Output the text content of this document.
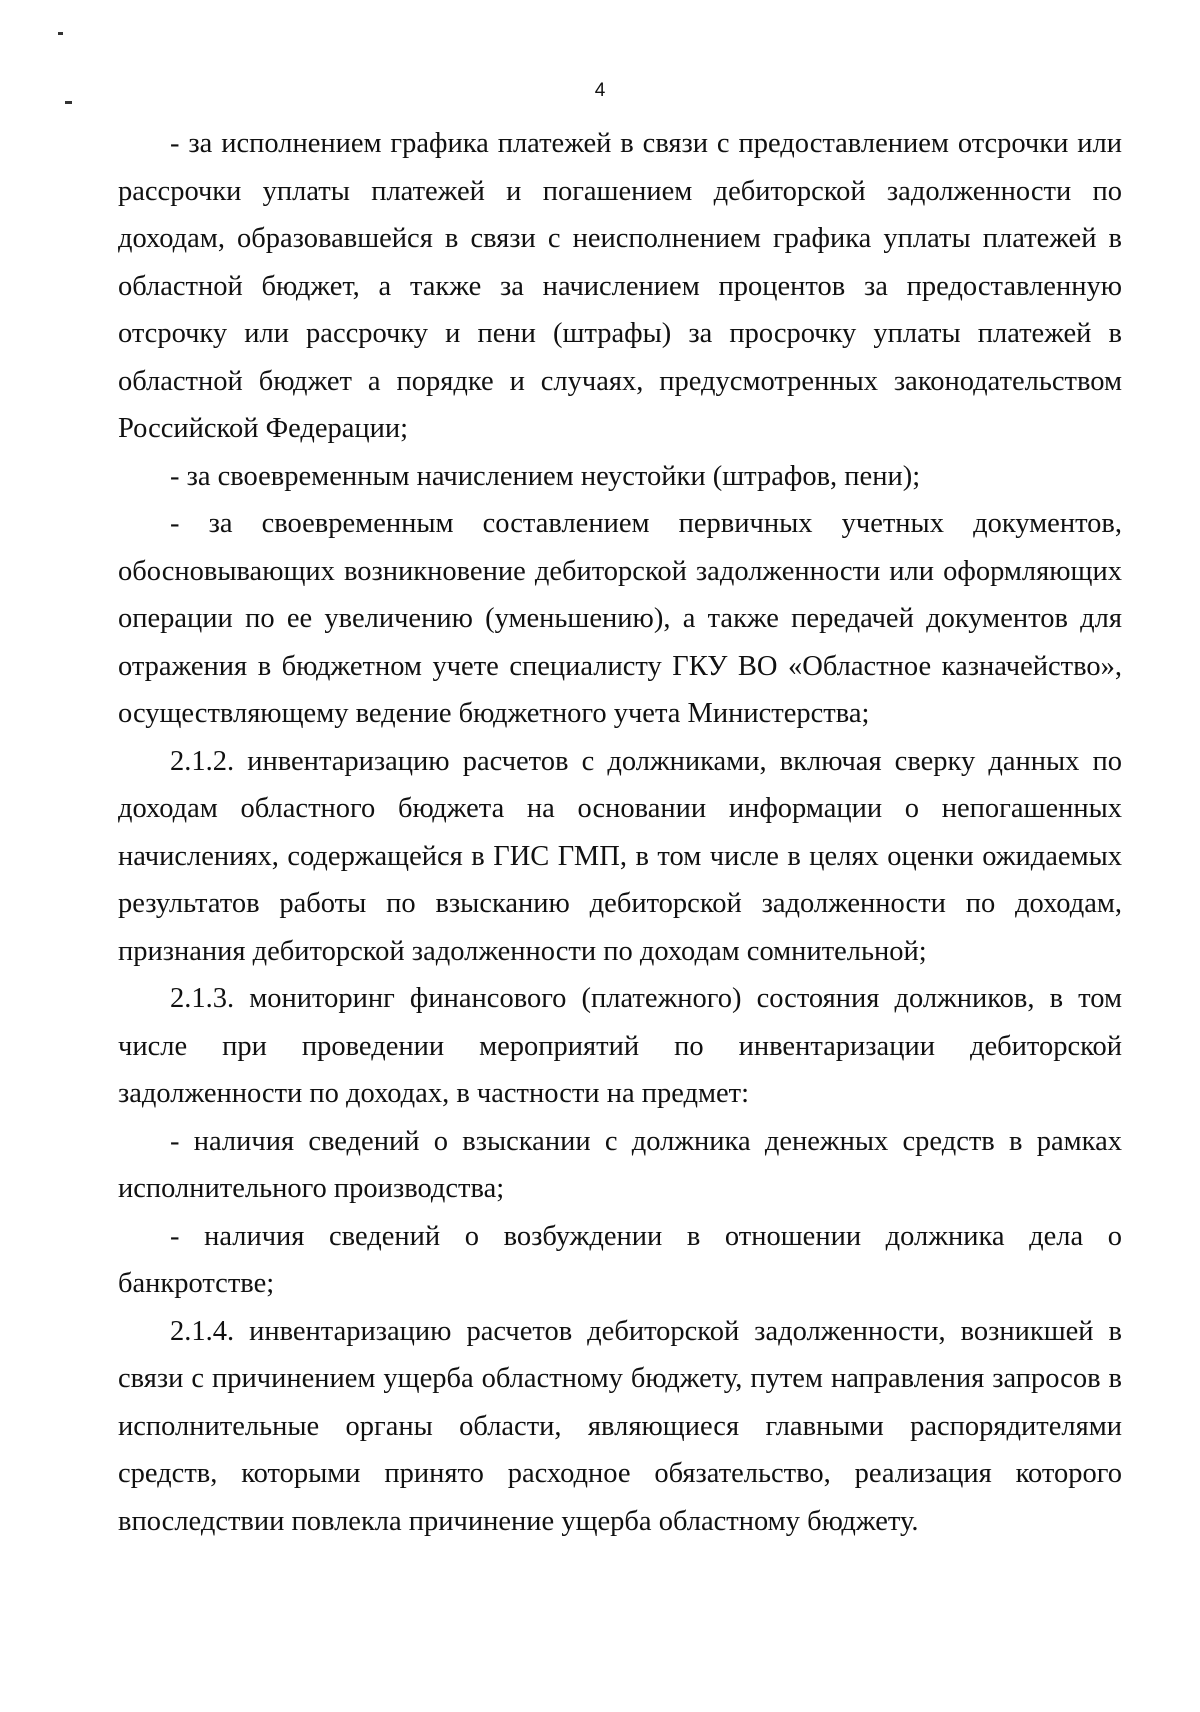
4

- за исполнением графика платежей в связи с предоставлением отсрочки или рассрочки уплаты платежей и погашением дебиторской задолженности по доходам, образовавшейся в связи с неисполнением графика уплаты платежей в областной бюджет, а также за начислением процентов за предоставленную отсрочку или рассрочку и пени (штрафы) за просрочку уплаты платежей в областной бюджет а порядке и случаях, предусмотренных законодательством Российской Федерации;

- за своевременным начислением неустойки (штрафов, пени);

- за своевременным составлением первичных учетных документов, обосновывающих возникновение дебиторской задолженности или оформляющих операции по ее увеличению (уменьшению), а также передачей документов для отражения в бюджетном учете специалисту ГКУ ВО «Областное казначейство», осуществляющему ведение бюджетного учета Министерства;

2.1.2. инвентаризацию расчетов с должниками, включая сверку данных по доходам областного бюджета на основании информации о непогашенных начислениях, содержащейся в ГИС ГМП, в том числе в целях оценки ожидаемых результатов работы по взысканию дебиторской задолженности по доходам, признания дебиторской задолженности по доходам сомнительной;

2.1.3. мониторинг финансового (платежного) состояния должников, в том числе при проведении мероприятий по инвентаризации дебиторской задолженности по доходах, в частности на предмет:

- наличия сведений о взыскании с должника денежных средств в рамках исполнительного производства;

- наличия сведений о возбуждении в отношении должника дела о банкротстве;

2.1.4. инвентаризацию расчетов дебиторской задолженности, возникшей в связи с причинением ущерба областному бюджету, путем направления запросов в исполнительные органы области, являющиеся главными распорядителями средств, которыми принято расходное обязательство, реализация которого впоследствии повлекла причинение ущерба областному бюджету.
